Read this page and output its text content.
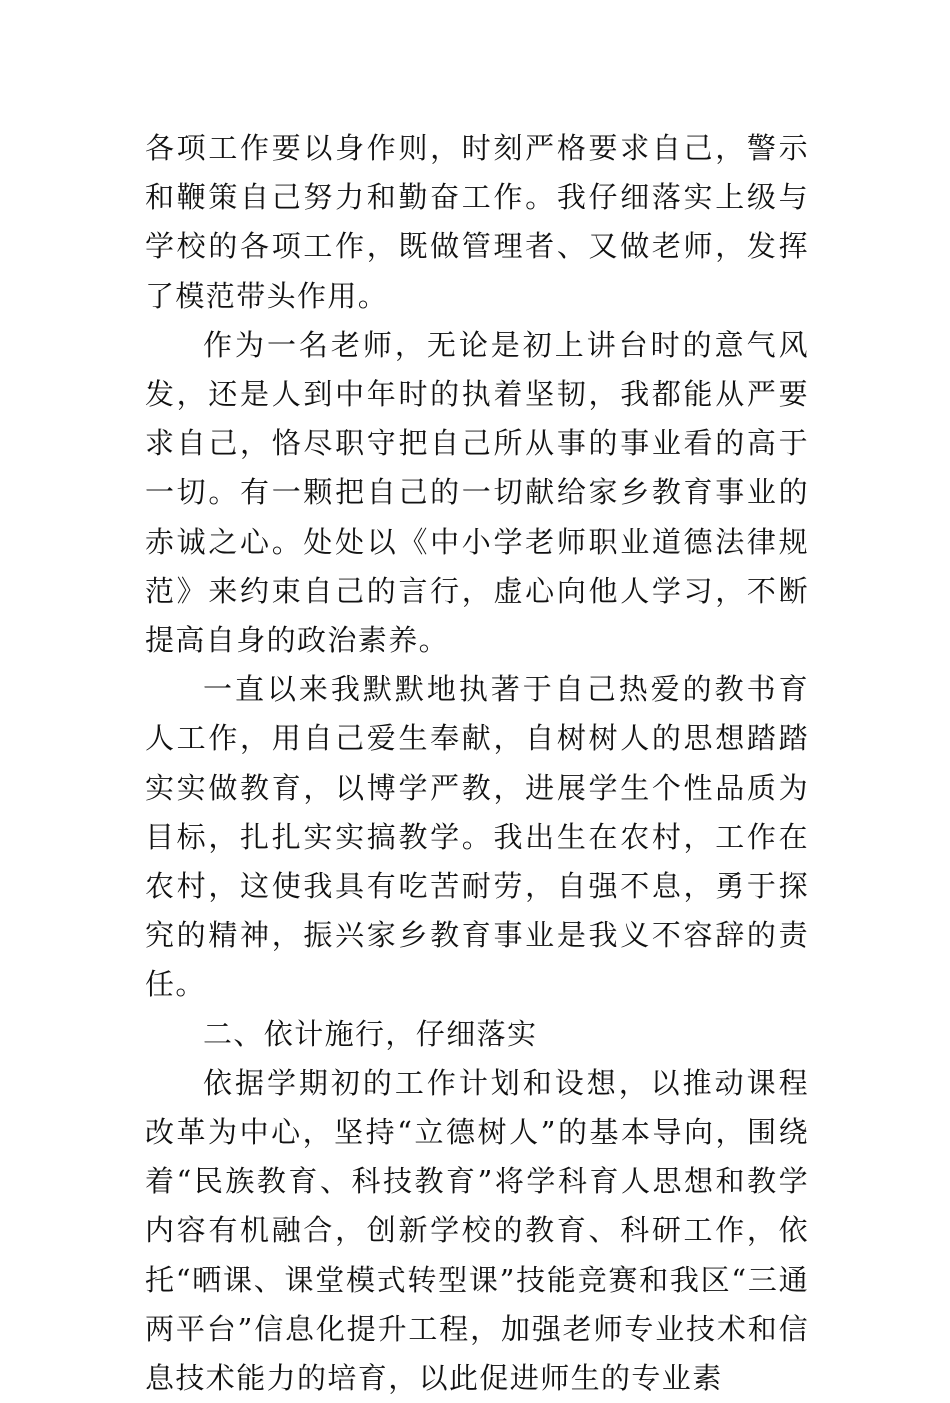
各项工作要以身作则，时刻严格要求自己，警示和鞭策自己努力和勤奋工作。我仔细落实上级与学校的各项工作，既做管理者、又做老师，发挥了模范带头作用。

作为一名老师，无论是初上讲台时的意气风发，还是人到中年时的执着坚韧，我都能从严要求自己，恪尽职守把自己所从事的事业看的高于一切。有一颗把自己的一切献给家乡教育事业的赤诚之心。处处以《中小学老师职业道德法律规范》来约束自己的言行，虚心向他人学习，不断提高自身的政治素养。

一直以来我默默地执著于自己热爱的教书育人工作，用自己爱生奉献，自树树人的思想踏踏实实做教育，以博学严教，进展学生个性品质为目标，扎扎实实搞教学。我出生在农村，工作在农村，这使我具有吃苦耐劳，自强不息，勇于探究的精神，振兴家乡教育事业是我义不容辞的责任。

二、依计施行，仔细落实

依据学期初的工作计划和设想，以推动课程改革为中心，坚持“立德树人”的基本导向，围绕着“民族教育、科技教育”将学科育人思想和教学内容有机融合，创新学校的教育、科研工作，依托“晒课、课堂模式转型课”技能竞赛和我区“三通两平台”信息化提升工程，加强老师专业技术和信息技术能力的培育，以此促进师生的专业素
